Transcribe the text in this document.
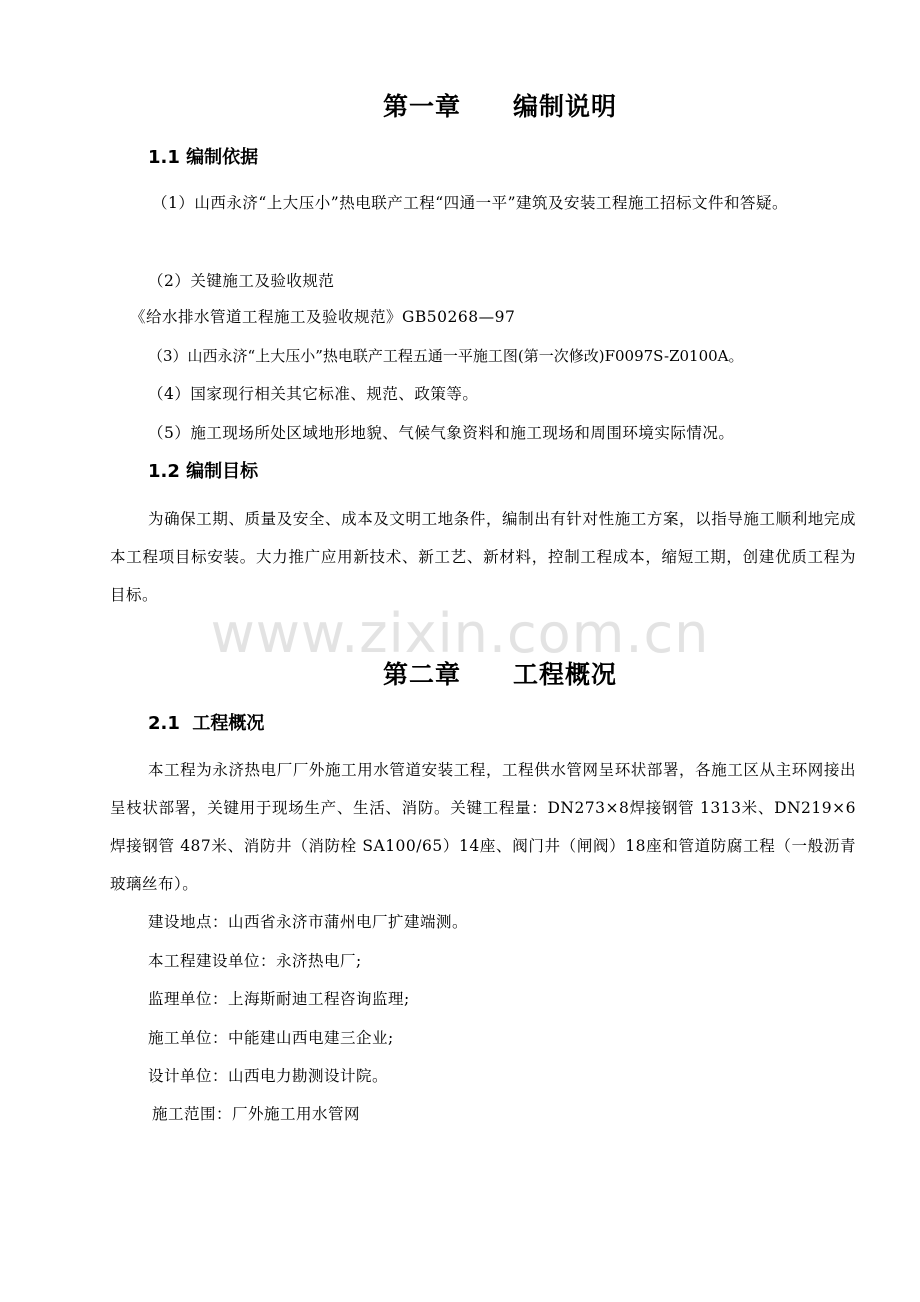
www.zixin.com.cn
第一章　　编制说明
1.1 编制依据
（1）山西永济“上大压小”热电联产工程“四通一平”建筑及安装工程施工招标文件和答疑。
（2）关键施工及验收规范
《给水排水管道工程施工及验收规范》GB50268—97
（3）山西永济“上大压小”热电联产工程五通一平施工图(第一次修改)F0097S-Z0100A。
（4）国家现行相关其它标准、规范、政策等。
（5）施工现场所处区域地形地貌、气候气象资料和施工现场和周围环境实际情况。
1.2 编制目标
为确保工期、质量及安全、成本及文明工地条件，编制出有针对性施工方案，以指导施工顺利地完成本工程项目标安装。大力推广应用新技术、新工艺、新材料，控制工程成本，缩短工期，创建优质工程为目标。
第二章　　工程概况
2.1  工程概况
本工程为永济热电厂厂外施工用水管道安装工程，工程供水管网呈环状部署，各施工区从主环网接出呈枝状部署，关键用于现场生产、生活、消防。关键工程量：DN273×8焊接钢管 1313米、DN219×6焊接钢管 487米、消防井（消防栓 SA100/65）14座、阀门井（闸阀）18座和管道防腐工程（一般沥青玻璃丝布）。
建设地点：山西省永济市蒲州电厂扩建端测。
本工程建设单位：永济热电厂;
监理单位：上海斯耐迪工程咨询监理;
施工单位：中能建山西电建三企业;
设计单位：山西电力勘测设计院。
施工范围：厂外施工用水管网
